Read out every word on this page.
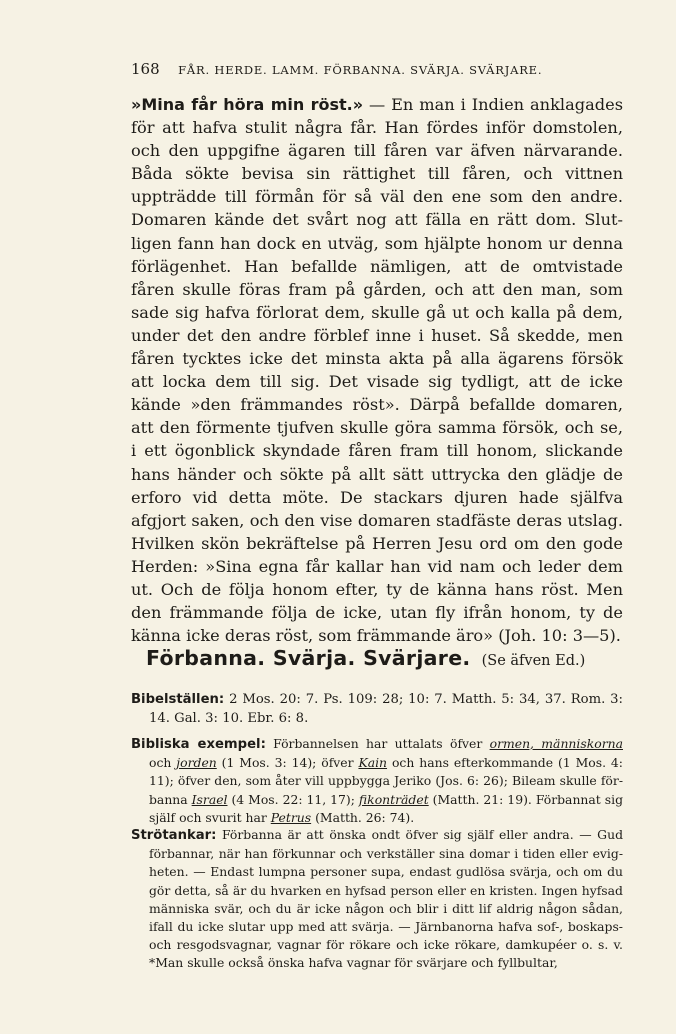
168 FÅR. HERDE. LAMM. FÖRBANNA. SVÄRJA. SVÄRJARE.

»Mina får höra min röst.» — En man i Indien anklagades för att hafva stulit några får. Han fördes inför domstolen, och den uppgifne ägaren till fåren var äfven närvarande. Båda sökte bevisa sin rättighet till fåren, och vittnen uppträdde till förmån för så väl den ene som den andre. Domaren kände det svårt nog att fälla en rätt dom. Slutligen fann han dock en utväg, som hjälpte honom ur denna förlägenhet. Han befallde nämligen, att de omtvistade fåren skulle föras fram på gården, och att den man, som sade sig hafva förlorat dem, skulle gå ut och kalla på dem, under det den andre förblef inne i huset. Så skedde, men fåren tycktes icke det minsta akta på alla ägarens försök att locka dem till sig. Det visade sig tydligt, att de icke kände »den främmandes röst». Därpå befallde domaren, att den förmente tjufven skulle göra samma försök, och se, i ett ögonblick skyndade fåren fram till honom, slickande hans händer och sökte på allt sätt uttrycka den glädje de erforo vid detta möte. De stackars djuren hade själfva afgjort saken, och den vise domaren stadfäste deras utslag. Hvilken skön bekräftelse på Herren Jesu ord om den gode Herden: »Sina egna får kallar han vid nam och leder dem ut. Och de följa honom efter, ty de känna hans röst. Men den främmande följa de icke, utan fly ifrån honom, ty de känna icke deras röst, som främmande äro» (Joh. 10: 3—5).

Förbanna. Svärja. Svärjare. (Se äfven Ed.)

Bibelställen: 2 Mos. 20: 7. Ps. 109: 28; 10: 7. Matth. 5: 34, 37. Rom. 3: 14. Gal. 3: 10. Ebr. 6: 8.

Bibliska exempel: Förbannelsen har uttalats öfver ormen, människorna och jorden (1 Mos. 3: 14); öfver Kain och hans efterkommande (1 Mos. 4: 11); öfver den, som åter vill uppbygga Jeriko (Jos. 6: 26); Bileam skulle förbanna Israel (4 Mos. 22: 11, 17); fikonträdet (Matth. 21: 19). Förbannat sig själf och svurit har Petrus (Matth. 26: 74).

Strötankar: Förbanna är att önska ondt öfver sig själf eller andra. — Gud förbannar, när han förkunnar och verkställer sina domar i tiden eller evigheten. — Endast lumpna personer supa, endast gudlösa svärja, och om du gör detta, så är du hvarken en hyfsad person eller en kristen. Ingen hyfsad människa svär, och du är icke någon och blir i ditt lif aldrig någon sådan, ifall du icke slutar upp med att svärja. — Järnbanorna hafva sof-, boskaps- och resgodsvagnar, vagnar för rökare och icke rökare, damkupéer o. s. v. *Man skulle också önska hafva vagnar för svärjare och fyllbultar,
